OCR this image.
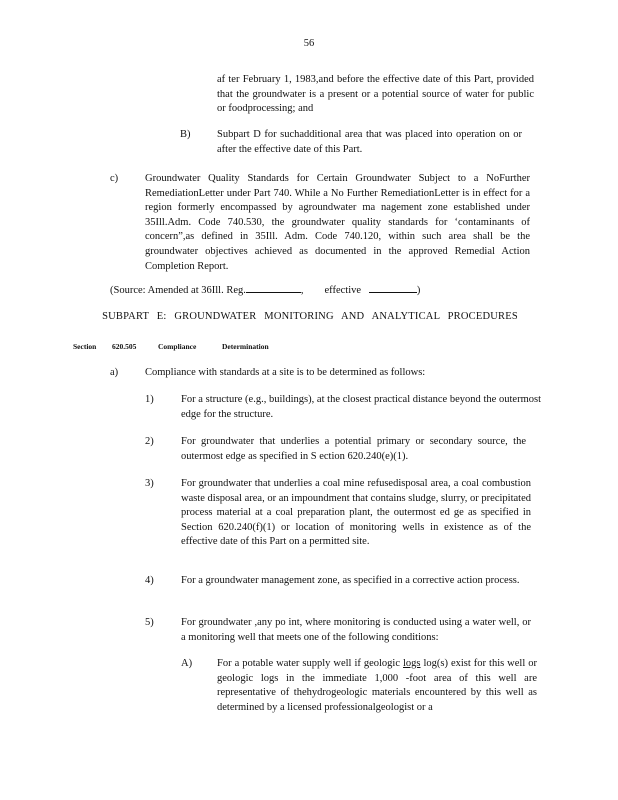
56
af ter February 1, 1983,and before the effective date of this Part, provided that the groundwater is a present or a potential source of water for public or foodprocessing; and
B)	Subpart D for suchadditional area that was placed into operation on or after the effective date of this Part.
c)	Groundwater Quality Standards for Certain Groundwater Subject to a NoFurther RemediationLetter under Part 740. While a No Further RemediationLetter is in effect for a region formerly encompassed by agroundwater ma nagement zone established under 35Ill.Adm. Code 740.530, the groundwater quality standards for ‘contaminants of concern”,as defined in 35Ill. Adm. Code 740.120, within such area shall be the groundwater objectives achieved as documented in the approved Remedial Action Completion Report.
(Source: Amended at 36Ill. Reg.	,        effective	)
SUBPART E: GROUNDWATER MONITORING AND ANALYTICAL PROCEDURES
Section 620.505	Compliance	Determination
a)	Compliance with standards at a site is to be determined as follows:
1)	For a structure (e.g., buildings), at the closest practical distance beyond the outermost edge for the structure.
2)	For groundwater that underlies a potential primary or secondary source, the outermost edge as specified in S ection 620.240(e)(1).
3)	For groundwater that underlies a coal mine refusedisposal area, a coal combustion waste disposal area, or an impoundment that contains sludge, slurry, or precipitated process material at a coal preparation plant, the outermost ed ge as specified in Section 620.240(f)(1) or location of monitoring wells in existence as of the effective date of this Part on a permitted site.
4)	For a groundwater management zone, as specified in a corrective action process.
5)	For groundwater ,any po int, where monitoring is conducted using a water well, or a monitoring well that meets one of the following conditions:
A) For a potable water supply well if geologic logs log(s) exist for this well or geologic logs in the immediate 1,000 -foot area of this well are representative of thehydrogeologic materials encountered by this well as determined by a licensed professionalgeologist or a
